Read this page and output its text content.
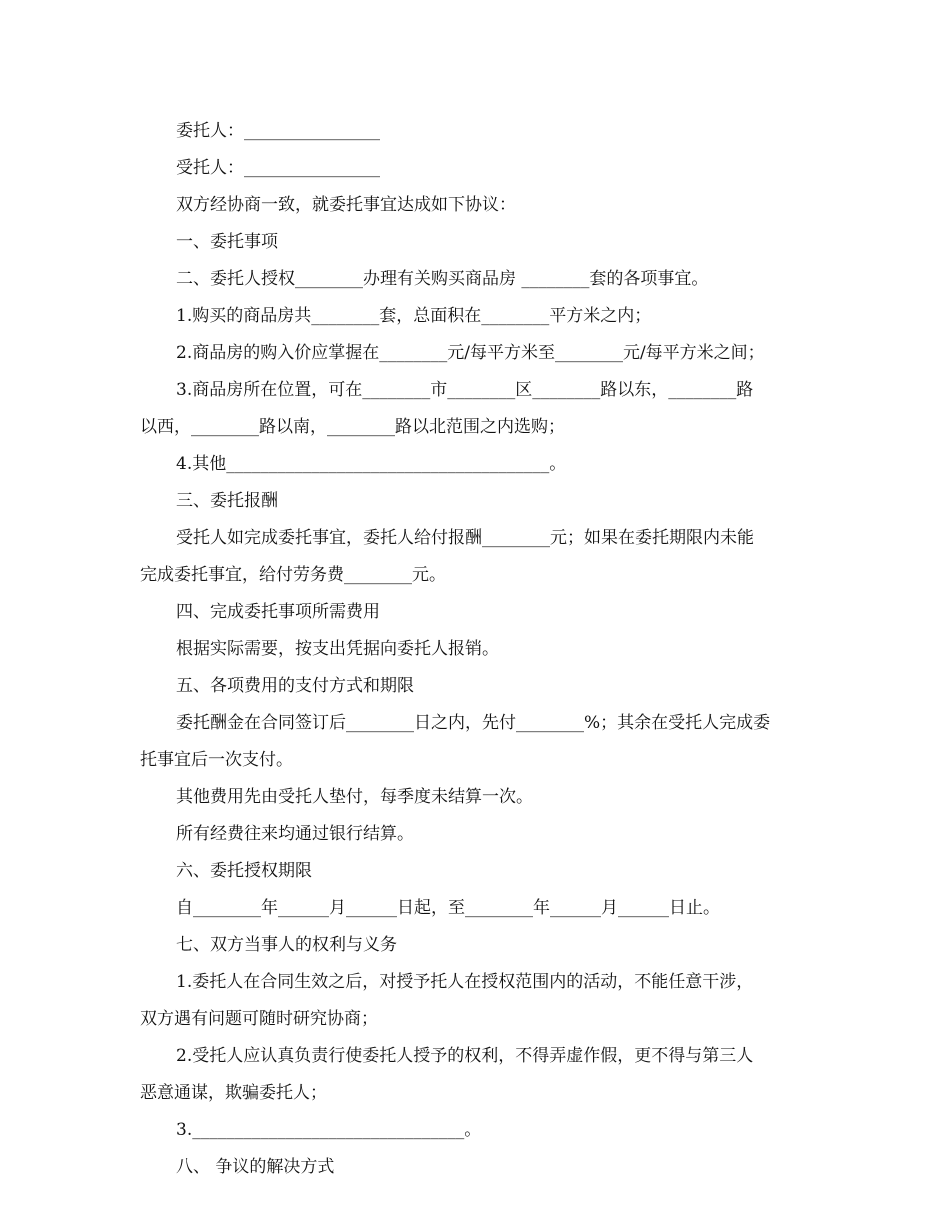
委托人：________________

受托人：________________

双方经协商一致，就委托事宜达成如下协议：

一、委托事项

二、委托人授权________办理有关购买商品房 ________套的各项事宜。

1.购买的商品房共________套，总面积在________平方米之内；

2.商品房的购入价应掌握在________元/每平方米至________元/每平方米之间；

3.商品房所在位置，可在________市________区________路以东，________路

以西，________路以南，________路以北范围之内选购；

4.其他______________________________________。

三、委托报酬

受托人如完成委托事宜，委托人给付报酬________元；如果在委托期限内未能

完成委托事宜，给付劳务费________元。

四、完成委托事项所需费用

根据实际需要，按支出凭据向委托人报销。

五、各项费用的支付方式和期限

委托酬金在合同签订后________日之内，先付________%；其余在受托人完成委

托事宜后一次支付。

其他费用先由受托人垫付，每季度未结算一次。

所有经费往来均通过银行结算。

六、委托授权期限

自________年______月______日起，至________年______月______日止。

七、双方当事人的权利与义务

1.委托人在合同生效之后，对授予托人在授权范围内的活动，不能任意干涉，

双方遇有问题可随时研究协商；

2.受托人应认真负责行使委托人授予的权利，不得弄虚作假，更不得与第三人

恶意通谋，欺骗委托人；

3.________________________________。

八、 争议的解决方式
